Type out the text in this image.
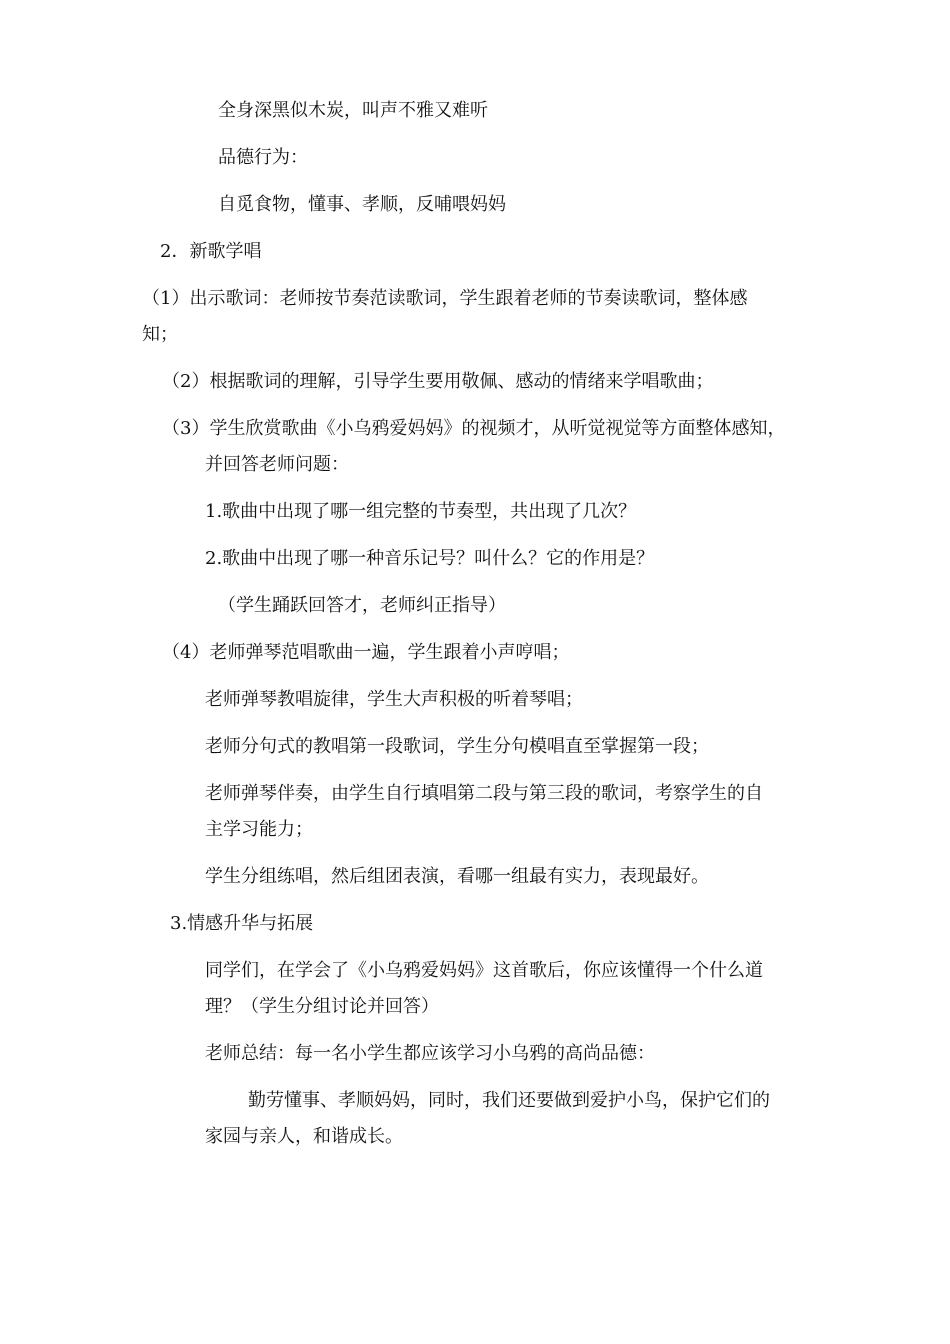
全身深黑似木炭，叫声不雅又难听

品德行为：

自觅食物，懂事、孝顺，反哺喂妈妈

2．新歌学唱

（1）出示歌词：老师按节奏范读歌词，学生跟着老师的节奏读歌词，整体感

知；

（2）根据歌词的理解，引导学生要用敬佩、感动的情绪来学唱歌曲；

（3）学生欣赏歌曲《小乌鸦爱妈妈》的视频才，从听觉视觉等方面整体感知，

并回答老师问题：

1.歌曲中出现了哪一组完整的节奏型，共出现了几次？

2.歌曲中出现了哪一种音乐记号？叫什么？它的作用是？

（学生踊跃回答才，老师纠正指导）

（4）老师弹琴范唱歌曲一遍，学生跟着小声哼唱；

老师弹琴教唱旋律，学生大声积极的听着琴唱；

老师分句式的教唱第一段歌词，学生分句模唱直至掌握第一段；

老师弹琴伴奏，由学生自行填唱第二段与第三段的歌词，考察学生的自

主学习能力；

学生分组练唱，然后组团表演，看哪一组最有实力，表现最好。

3.情感升华与拓展

同学们，在学会了《小乌鸦爱妈妈》这首歌后，你应该懂得一个什么道

理？（学生分组讨论并回答）

老师总结：每一名小学生都应该学习小乌鸦的高尚品德：

勤劳懂事、孝顺妈妈，同时，我们还要做到爱护小鸟，保护它们的

家园与亲人，和谐成长。
